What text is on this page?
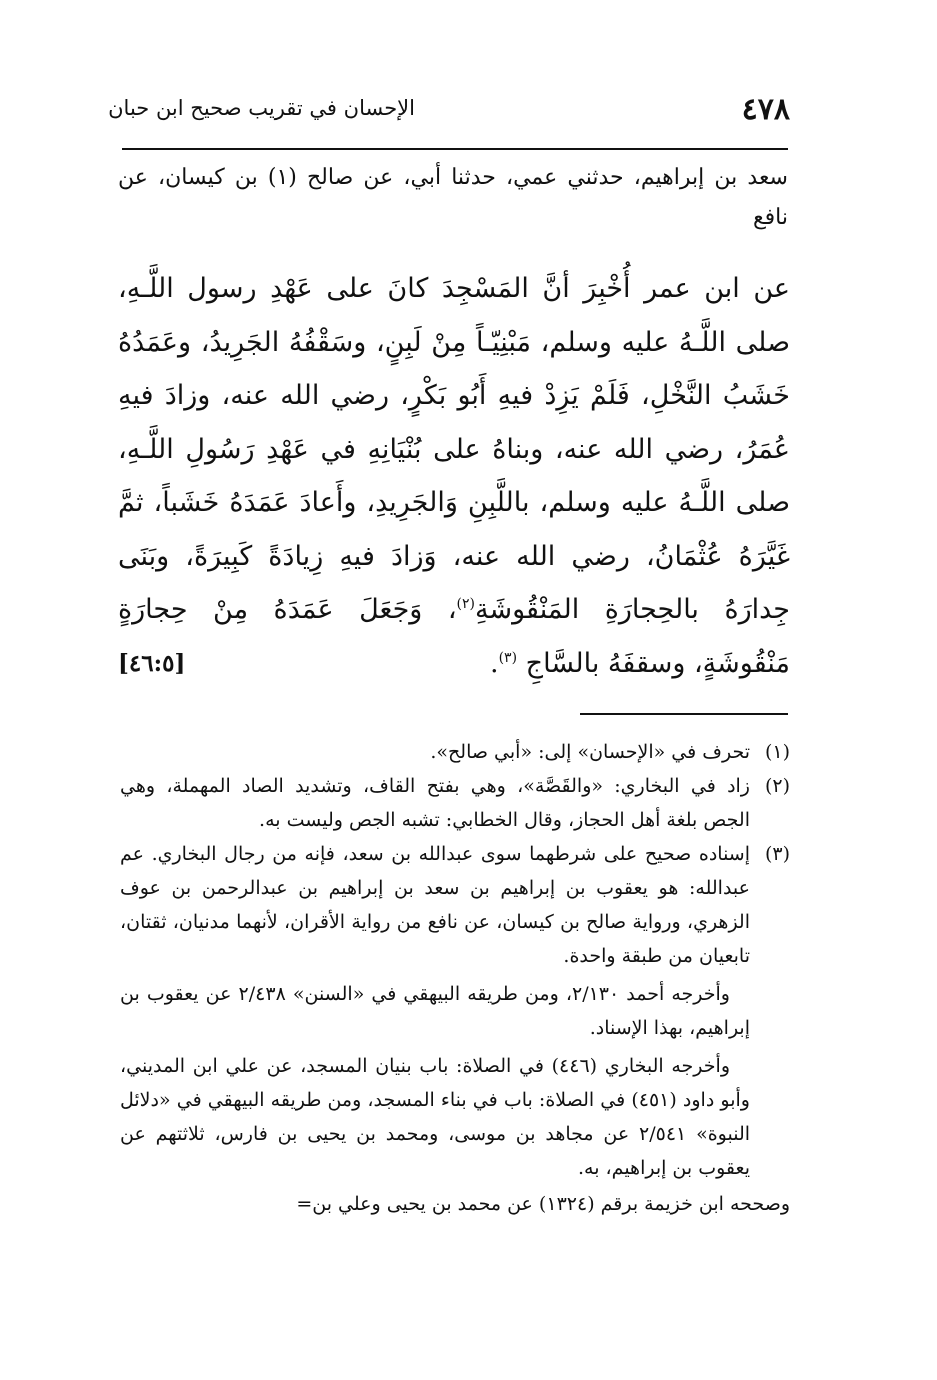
٤٧٨
الإحسان في تقريب صحيح ابن حبان
سعد بن إبراهيم، حدثني عمي، حدثنا أبي، عن صالح (١) بن كيسان، عن نافع

عن ابن عمر أُخْبِرَ أنَّ المَسْجِدَ كانَ على عَهْدِ رسول اللَّـهِ، صلى اللَّـهُ عليه وسلم، مَبْنِيّـاً مِنْ لَبِنٍ، وسَقْفُهُ الجَرِيدُ، وعَمَدُهُ خَشَبُ النَّخْلِ، فَلَمْ يَزِدْ فيهِ أَبُو بَكْرٍ، رضي الله عنه، وزادَ فيهِ عُمَرُ، رضي الله عنه، وبناهُ على بُنْيَانِهِ في عَهْدِ رَسُولِ اللَّـهِ، صلى اللَّـهُ عليه وسلم، باللَّبِنِ وَالجَرِيدِ، وأَعادَ عَمَدَهُ خَشَباً، ثمَّ غَيَّرَهُ عُثْمَانُ، رضي الله عنه، وَزادَ فيهِ زِيادَةً كَبِيرَةً، وبَنَى جِدارَهُ بالحِجارَةِ المَنْقُوشَةِ$^{(٢)}$، وَجَعَلَ عَمَدَهُ مِنْ حِجارَةٍ مَنْقُوشَةٍ، وسقفَهُ بالسَّاجِ $^{(٣)}$.
[٤٦:٥]

(١)

تحرف في «الإحسان» إلى: «أبي صالح».

(٢)

زاد في البخاري: «والقَصَّة»، وهي بفتح القاف، وتشديد الصاد المهملة، وهي الجص بلغة أهل الحجاز، وقال الخطابي: تشبه الجص وليست به.

(٣)

إسناده صحيح على شرطهما سوى عبدالله بن سعد، فإنه من رجال البخاري. عم عبدالله: هو يعقوب بن إبراهيم بن سعد بن إبراهيم بن عبدالرحمن بن عوف الزهري، ورواية صالح بن كيسان، عن نافع من رواية الأقران، لأنهما مدنيان، ثقتان، تابعيان من طبقة واحدة.

وأخرجه أحمد ٢/١٣٠، ومن طريقه البيهقي في «السنن» ٢/٤٣٨ عن يعقوب بن إبراهيم، بهذا الإسناد.

وأخرجه البخاري (٤٤٦) في الصلاة: باب بنيان المسجد، عن علي ابن المديني، وأبو داود (٤٥١) في الصلاة: باب في بناء المسجد، ومن طريقه البيهقي في «دلائل النبوة» ٢/٥٤١ عن مجاهد بن موسى، ومحمد بن يحيى بن فارس، ثلاثتهم عن يعقوب بن إبراهيم، به.

وصححه ابن خزيمة برقم (١٣٢٤) عن محمد بن يحيى وعلي بن=
